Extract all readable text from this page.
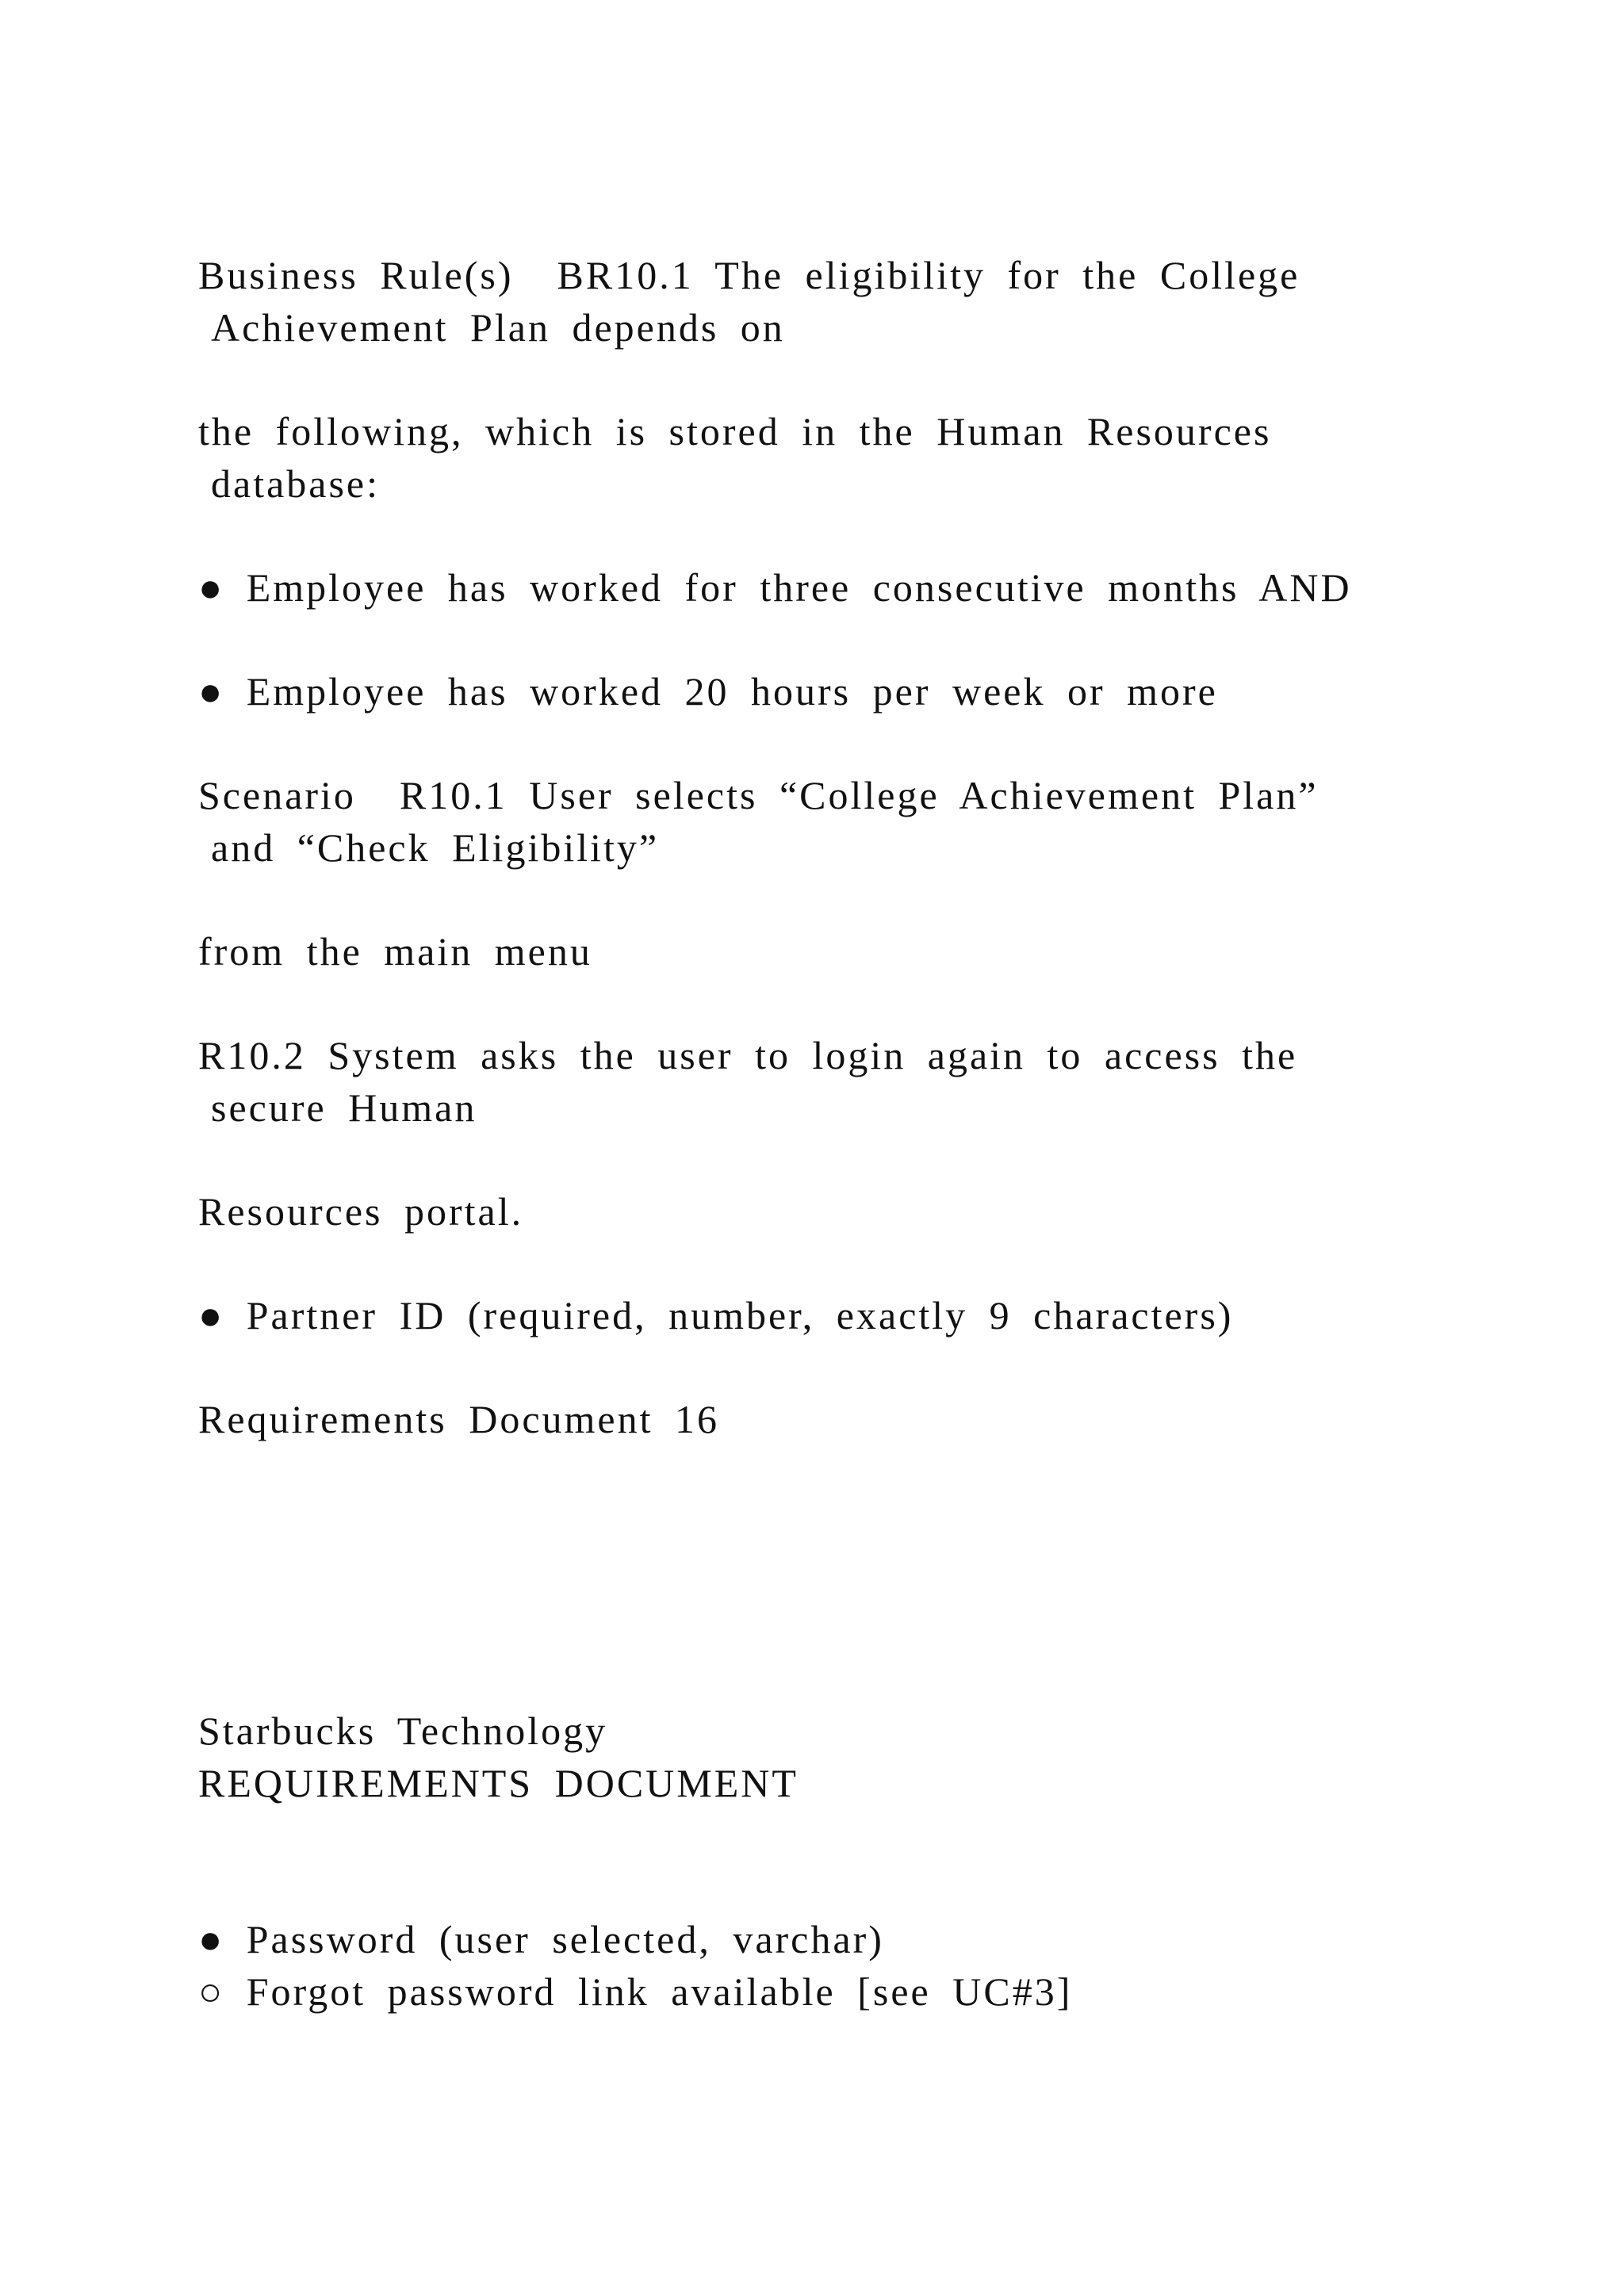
Business Rule(s)  BR10.1 The eligibility for the College
Achievement Plan depends on
the following, which is stored in the Human Resources
database:
● Employee has worked for three consecutive months AND
● Employee has worked 20 hours per week or more
Scenario  R10.1 User selects “College Achievement Plan”
and “Check Eligibility”
from the main menu
R10.2 System asks the user to login again to access the
secure Human
Resources portal.
● Partner ID (required, number, exactly 9 characters)
Requirements Document 16
Starbucks Technology
REQUIREMENTS DOCUMENT
● Password (user selected, varchar)
○ Forgot password link available [see UC#3]
